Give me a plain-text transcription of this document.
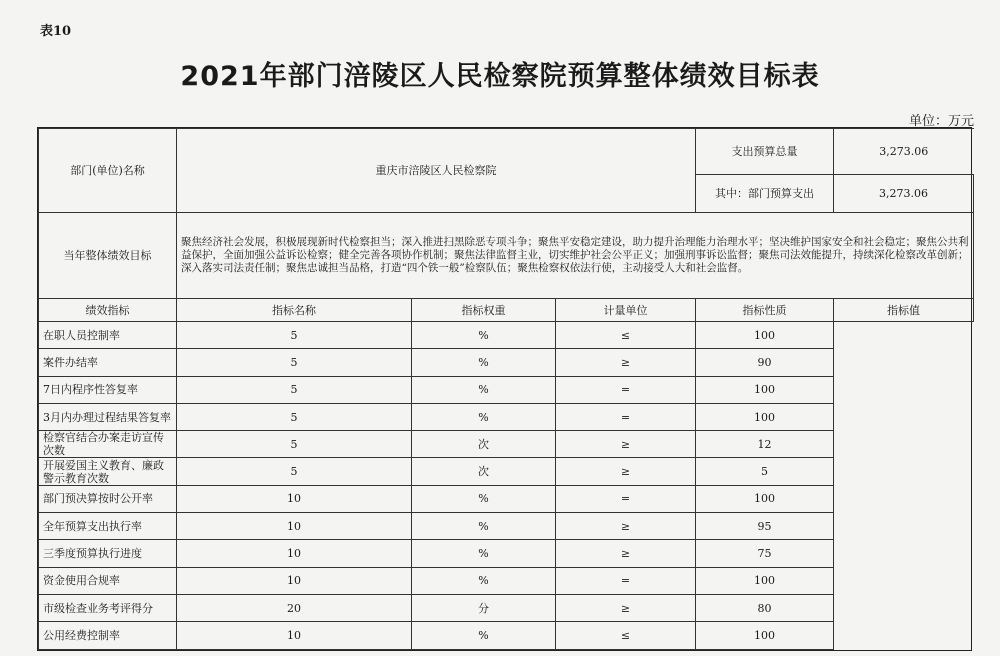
表10
2021年部门涪陵区人民检察院预算整体绩效目标表
单位：万元
部门(单位)名称	重庆市涪陵区人民检察院			支出预算总量	3,273.06
				其中：部门预算支出	3,273.06
当年整体绩效目标	聚焦经济社会发展，积极展现新时代检察担当；深入推进扫黑除恶专项斗争；聚焦平安稳定建设，助力提升治理能力治理水平；坚决维护国家安全和社会稳定；聚焦公共利益保护，全面加强公益诉讼检察；健全完善各项协作机制；聚焦法律监督主业，切实维护社会公平正义；加强刑事诉讼监督；聚焦司法效能提升，持续深化检察改革创新；深入落实司法责任制；聚焦忠诚担当品格，打造“四个铁一般”检察队伍；聚焦检察权依法行使，主动接受人大和社会监督。				
绩效指标	指标名称	指标权重	计量单位	指标性质	指标值
在职人员控制率	5	%	≤	100	
案件办结率	5	%	≥	90	
7日内程序性答复率	5	%	=	100	
3月内办理过程结果答复率	5	%	=	100	
检察官结合办案走访宣传次数	5	次	≥	12	
开展爱国主义教育、廉政警示教育次数	5	次	≥	5	
部门预决算按时公开率	10	%	=	100	
全年预算支出执行率	10	%	≥	95	
三季度预算执行进度	10	%	≥	75	
资金使用合规率	10	%	=	100	
市级检查业务考评得分	20	分	≥	80	
公用经费控制率	10	%	≤	100	
